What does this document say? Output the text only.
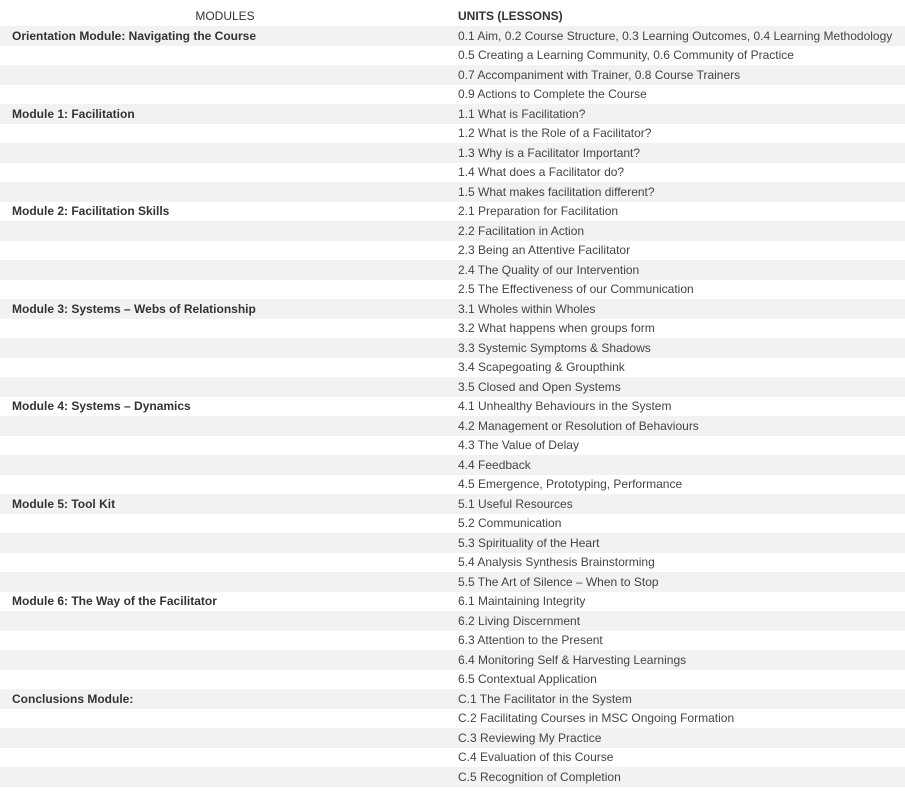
MODULES	UNITS (LESSONS)
Orientation Module: Navigating the Course	0.1 Aim, 0.2 Course Structure, 0.3 Learning Outcomes, 0.4 Learning Methodology
	0.5 Creating a Learning Community, 0.6 Community of Practice
	0.7 Accompaniment with Trainer, 0.8 Course Trainers
	0.9 Actions to Complete the Course
Module 1: Facilitation	1.1 What is Facilitation?
	1.2 What is the Role of a Facilitator?
	1.3 Why is a Facilitator Important?
	1.4 What does a Facilitator do?
	1.5 What makes facilitation different?
Module 2: Facilitation Skills	2.1 Preparation for Facilitation
	2.2 Facilitation in Action
	2.3 Being an Attentive Facilitator
	2.4 The Quality of our Intervention
	2.5 The Effectiveness of our Communication
Module 3: Systems – Webs of Relationship	3.1 Wholes within Wholes
	3.2 What happens when groups form
	3.3 Systemic Symptoms & Shadows
	3.4 Scapegoating & Groupthink
	3.5 Closed and Open Systems
Module 4: Systems – Dynamics	4.1 Unhealthy Behaviours in the System
	4.2 Management or Resolution of Behaviours
	4.3 The Value of Delay
	4.4 Feedback
	4.5 Emergence, Prototyping, Performance
Module 5: Tool Kit	5.1 Useful Resources
	5.2 Communication
	5.3 Spirituality of the Heart
	5.4 Analysis Synthesis Brainstorming
	5.5 The Art of Silence – When to Stop
Module 6: The Way of the Facilitator	6.1 Maintaining Integrity
	6.2 Living Discernment
	6.3 Attention to the Present
	6.4 Monitoring Self & Harvesting Learnings
	6.5 Contextual Application
Conclusions Module:	C.1 The Facilitator in the System
	C.2 Facilitating Courses in MSC Ongoing Formation
	C.3 Reviewing My Practice
	C.4 Evaluation of this Course
	C.5 Recognition of Completion
